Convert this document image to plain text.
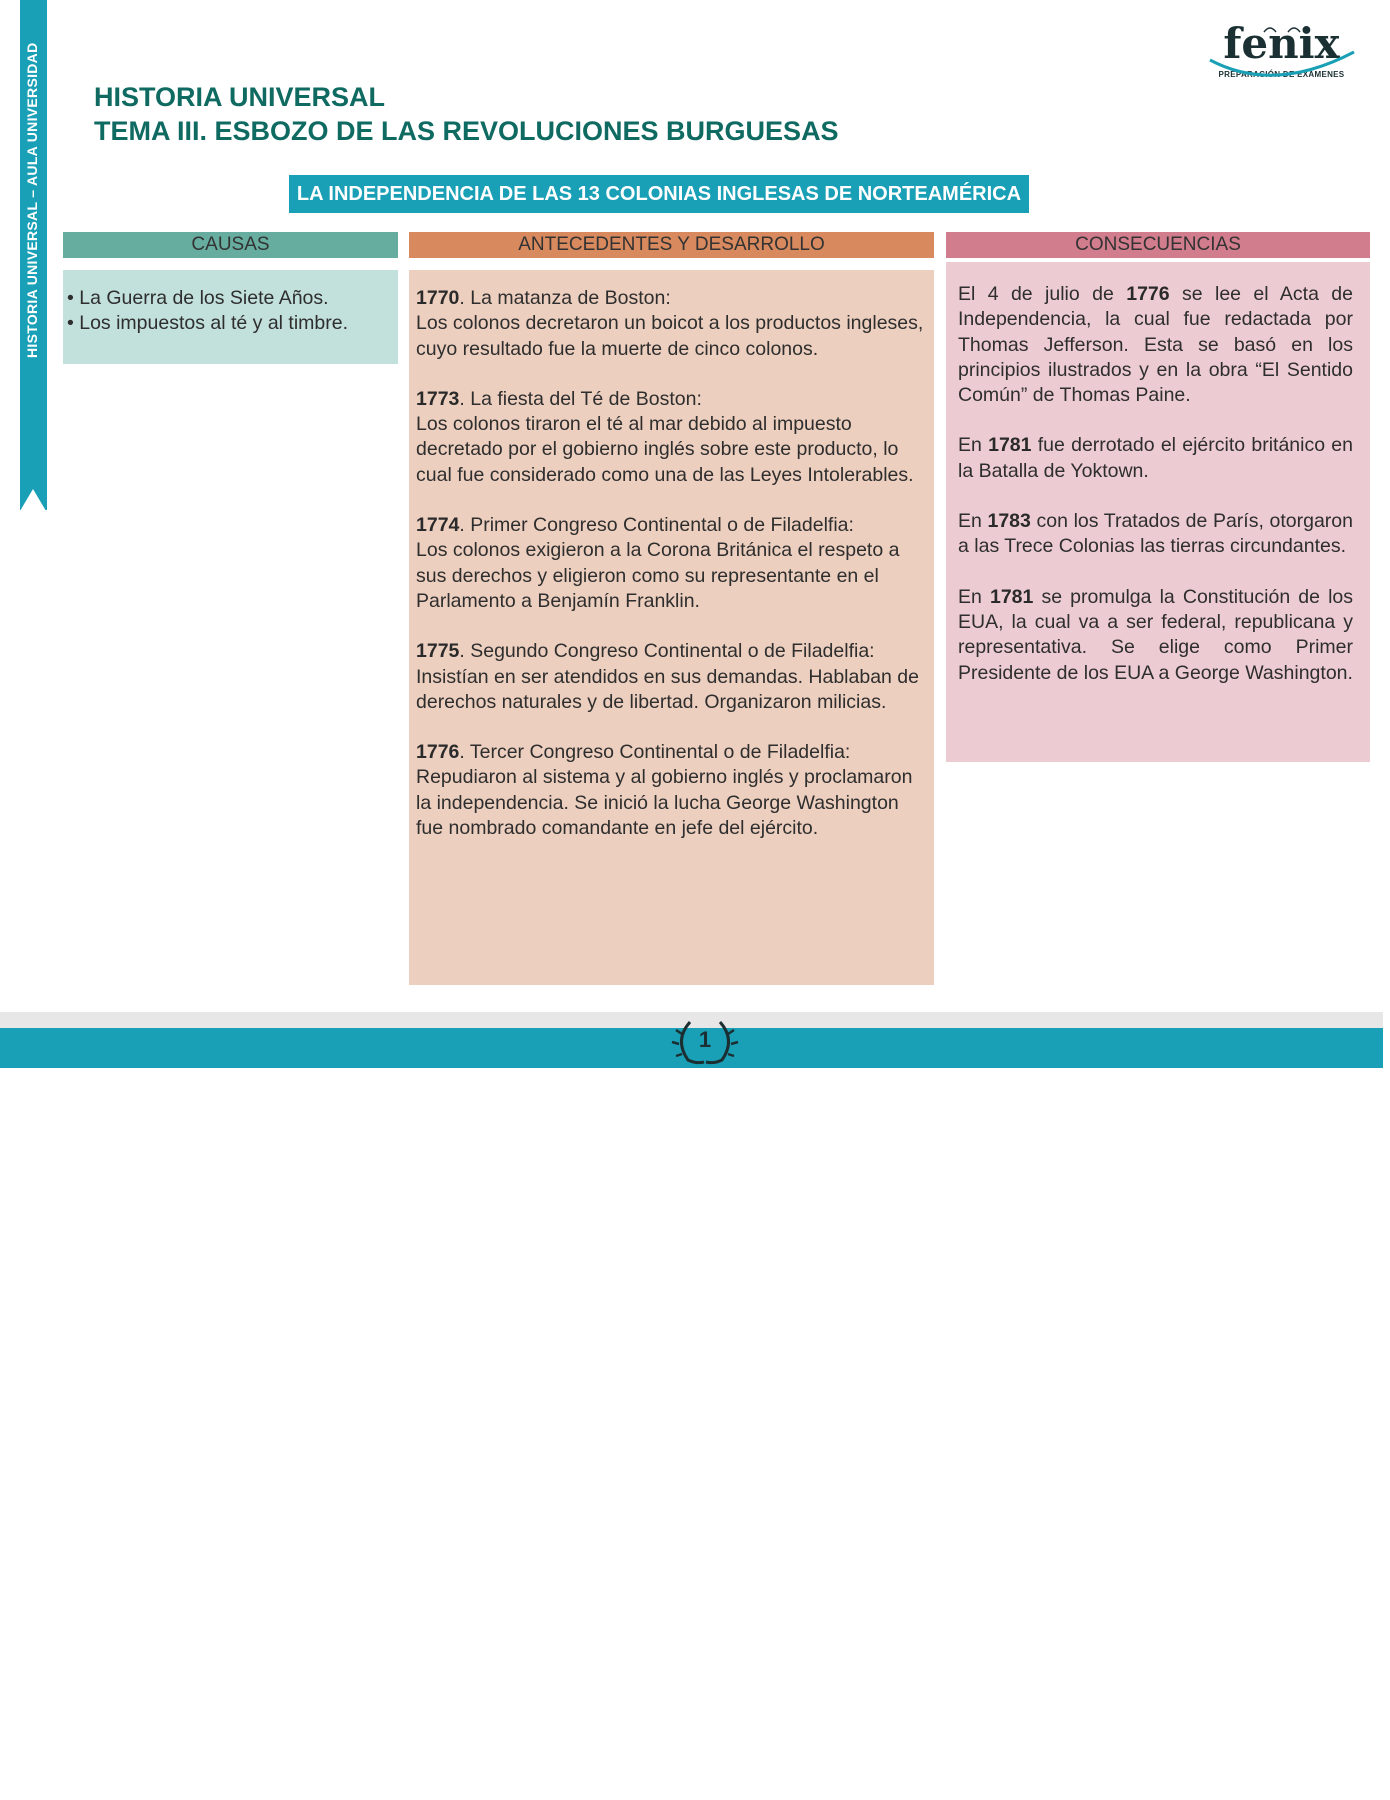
HISTORIA UNIVERSAL – AULA UNIVERSIDAD HISTORIA UNIVERSAL
TEMA III. ESBOZO DE LAS REVOLUCIONES BURGUESAS
fenix
PREPARACIÓN DE EXÁMENES
LA INDEPENDENCIA DE LAS 13 COLONIAS INGLESAS DE NORTEAMÉRICA
CAUSAS	ANTECEDENTES Y DESARROLLO	CONSECUENCIAS
• La Guerra de los Siete Años.
• Los impuestos al té y al timbre.

1770. La matanza de Boston:
Los colonos decretaron un boicot a los productos ingleses, cuyo resultado fue la muerte de cinco colonos.

1773. La fiesta del Té de Boston:
Los colonos tiraron el té al mar debido al impuesto decretado por el gobierno inglés sobre este producto, lo cual fue considerado como una de las Leyes Intolerables.

1774. Primer Congreso Continental o de Filadelfia:
Los colonos exigieron a la Corona Británica el respeto a sus derechos y eligieron como su representante en el Parlamento a Benjamín Franklin.

1775. Segundo Congreso Continental o de Filadelfia:
Insistían en ser atendidos en sus demandas. Hablaban de derechos naturales y de libertad. Organizaron milicias.

1776. Tercer Congreso Continental o de Filadelfia:
Repudiaron al sistema y al gobierno inglés y proclamaron la independencia. Se inició la lucha George Washington fue nombrado comandante en jefe del ejército.

El 4 de julio de 1776 se lee el Acta de Independencia, la cual fue redactada por Thomas Jefferson. Esta se basó en los principios ilustrados y en la obra “El Sentido Común” de Thomas Paine.

En 1781 fue derrotado el ejército británico en la Batalla de Yoktown.

En 1783 con los Tratados de París, otorgaron a las Trece Colonias las tierras circundantes.

En 1781 se promulga la Constitución de los EUA, la cual va a ser federal, republicana y representativa. Se elige como Primer Presidente de los EUA a George Washington.

1
